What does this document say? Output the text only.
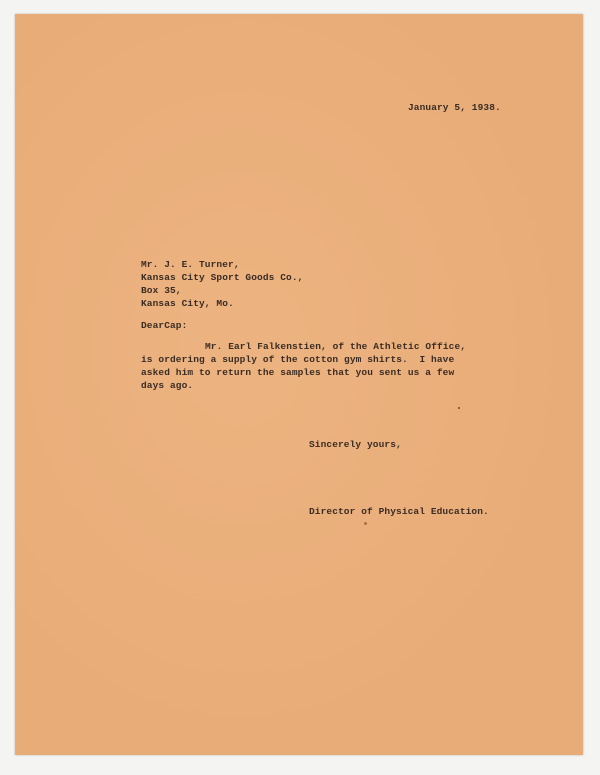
January 5, 1938.

Mr. J. E. Turner,

Kansas City Sport Goods Co.,

Box 35,

Kansas City, Mo.

DearCap:

Mr. Earl Falkenstien, of the Athletic Office,

is ordering a supply of the cotton gym shirts.  I have

asked him to return the samples that you sent us a few

days ago.

Sincerely yours,

Director of Physical Education.
